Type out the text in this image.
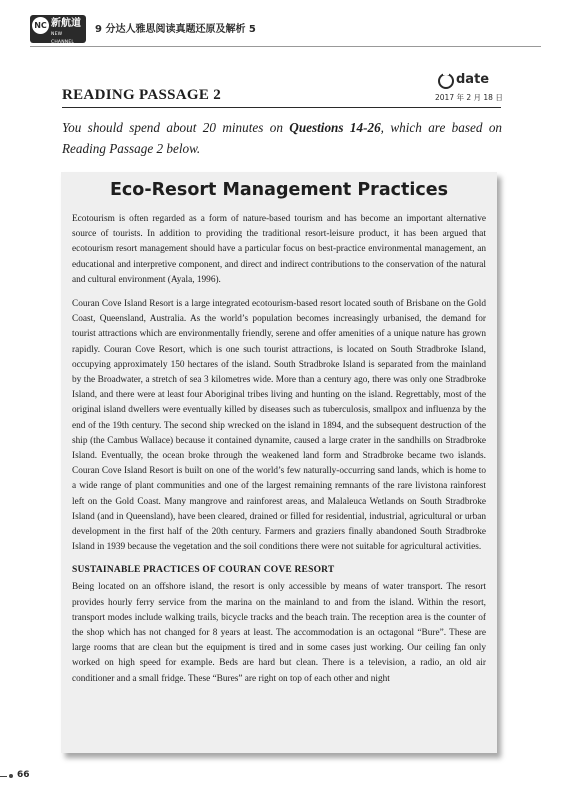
NC 新航道
NEW CHANNEL
9 分达人雅思阅读真题还原及解析 5
READING PASSAGE 2
date
2017 年 2 月 18 日
You should spend about 20 minutes on Questions 14-26, which are based on Reading Passage 2 below.
Eco-Resort Management Practices

Ecotourism is often regarded as a form of nature-based tourism and has become an important alternative source of tourists. In addition to providing the traditional resort-leisure product, it has been argued that ecotourism resort management should have a particular focus on best-practice environmental management, an educational and interpretive component, and direct and indirect contributions to the conservation of the natural and cultural environment (Ayala, 1996).

Couran Cove Island Resort is a large integrated ecotourism-based resort located south of Brisbane on the Gold Coast, Queensland, Australia. As the world’s population becomes increasingly urbanised, the demand for tourist attractions which are environmentally friendly, serene and offer amenities of a unique nature has grown rapidly. Couran Cove Resort, which is one such tourist attractions, is located on South Stradbroke Island, occupying approximately 150 hectares of the island. South Stradbroke Island is separated from the mainland by the Broadwater, a stretch of sea 3 kilometres wide. More than a century ago, there was only one Stradbroke Island, and there were at least four Aboriginal tribes living and hunting on the island. Regrettably, most of the original island dwellers were eventually killed by diseases such as tuberculosis, smallpox and influenza by the end of the 19th century. The second ship wrecked on the island in 1894, and the subsequent destruction of the ship (the Cambus Wallace) because it contained dynamite, caused a large crater in the sandhills on Stradbroke Island. Eventually, the ocean broke through the weakened land form and Stradbroke became two islands. Couran Cove Island Resort is built on one of the world’s few naturally-occurring sand lands, which is home to a wide range of plant communities and one of the largest remaining remnants of the rare livistona rainforest left on the Gold Coast. Many mangrove and rainforest areas, and Malaleuca Wetlands on South Stradbroke Island (and in Queensland), have been cleared, drained or filled for residential, industrial, agricultural or urban development in the first half of the 20th century. Farmers and graziers finally abandoned South Stradbroke Island in 1939 because the vegetation and the soil conditions there were not suitable for agricultural activities.

SUSTAINABLE PRACTICES OF COURAN COVE RESORT

Being located on an offshore island, the resort is only accessible by means of water transport. The resort provides hourly ferry service from the marina on the mainland to and from the island. Within the resort, transport modes include walking trails, bicycle tracks and the beach train. The reception area is the counter of the shop which has not changed for 8 years at least. The accommodation is an octagonal “Bure”. These are large rooms that are clean but the equipment is tired and in some cases just working. Our ceiling fan only worked on high speed for example. Beds are hard but clean. There is a television, a radio, an old air conditioner and a small fridge. These “Bures” are right on top of each other and night

66
